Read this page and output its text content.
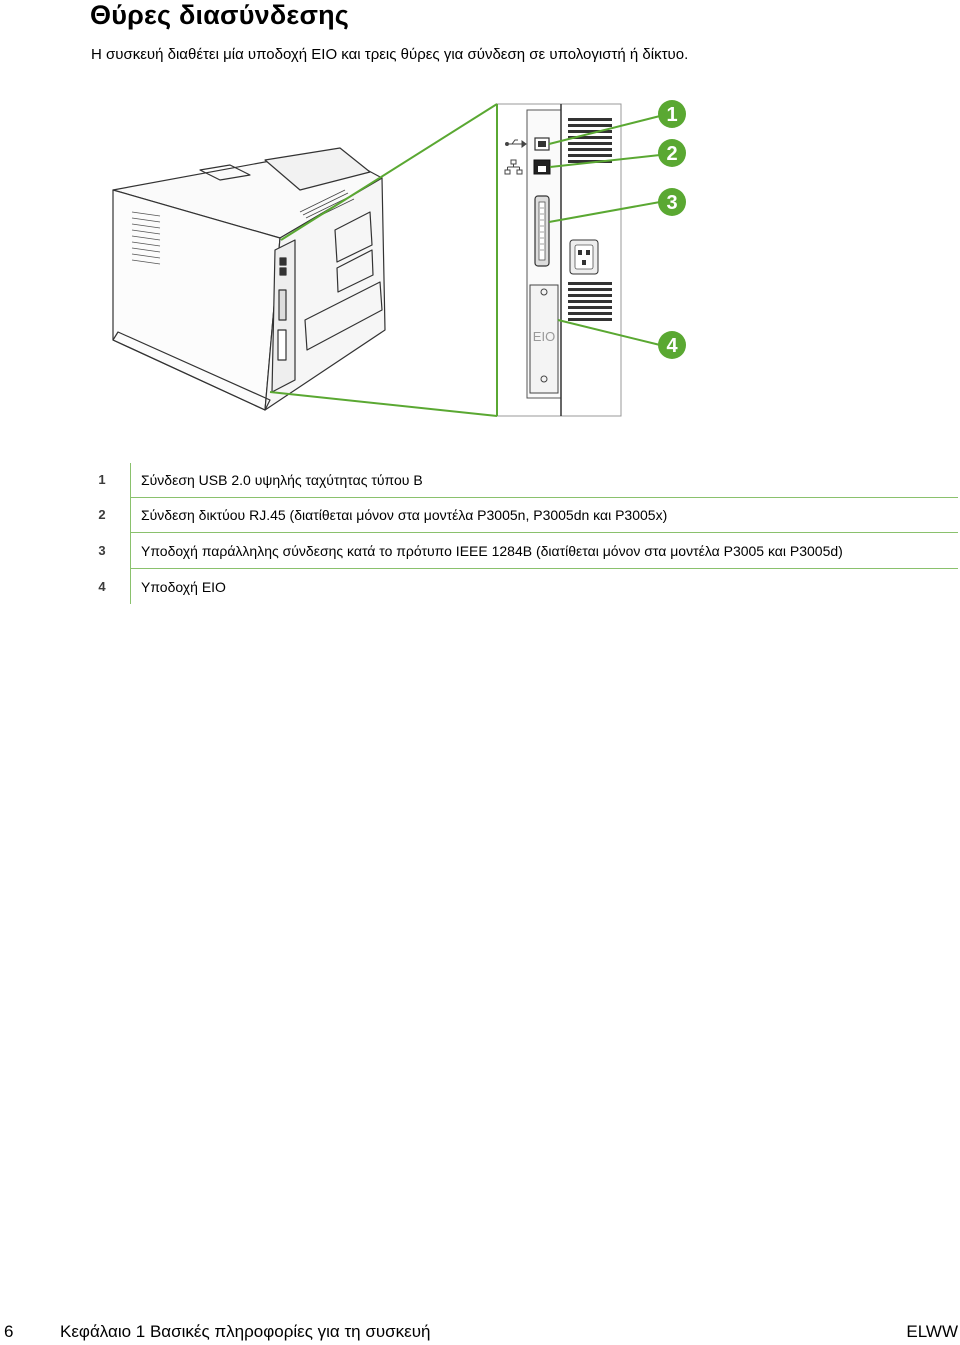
Θύρες διασύνδεσης
Η συσκευή διαθέτει μία υποδοχή EIO και τρεις θύρες για σύνδεση σε υπολογιστή ή δίκτυο.
EIO
1
2
3
4
1	Σύνδεση USB 2.0 υψηλής ταχύτητας τύπου B
2	Σύνδεση δικτύου RJ.45 (διατίθεται μόνον στα μοντέλα P3005n, P3005dn και P3005x)
3	Υποδοχή παράλληλης σύνδεσης κατά το πρότυπο IEEE 1284B (διατίθεται μόνον στα μοντέλα P3005 και P3005d)
4	Υποδοχή EIO
6	Κεφάλαιο 1 Βασικές πληροφορίες για τη συσκευή	ELWW
